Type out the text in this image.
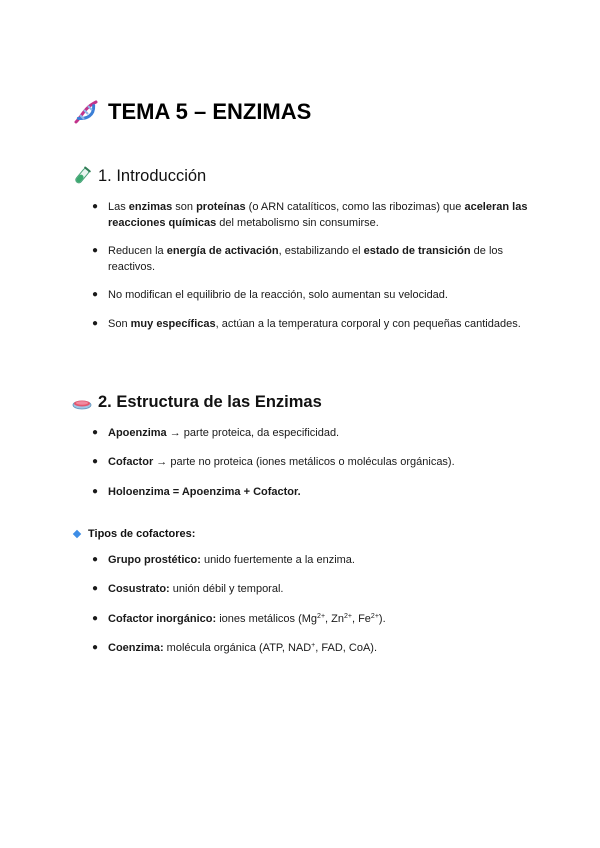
TEMA 5 – ENZIMAS
1. Introducción
● Las enzimas son proteínas (o ARN catalíticos, como las ribozimas) que aceleran las reacciones químicas del metabolismo sin consumirse.
● Reducen la energía de activación, estabilizando el estado de transición de los reactivos.
● No modifican el equilibrio de la reacción, solo aumentan su velocidad.
● Son muy específicas, actúan a la temperatura corporal y con pequeñas cantidades.
2. Estructura de las Enzimas
● Apoenzima → parte proteica, da especificidad.
● Cofactor → parte no proteica (iones metálicos o moléculas orgánicas).
● Holoenzima = Apoenzima + Cofactor.
Tipos de cofactores:
● Grupo prostético: unido fuertemente a la enzima.
● Cosustrato: unión débil y temporal.
● Cofactor inorgánico: iones metálicos ($Mg^{2+}$, $Zn^{2+}$, $Fe^{2+}$).
● Coenzima: molécula orgánica (ATP, NAD+, FAD, CoA).
